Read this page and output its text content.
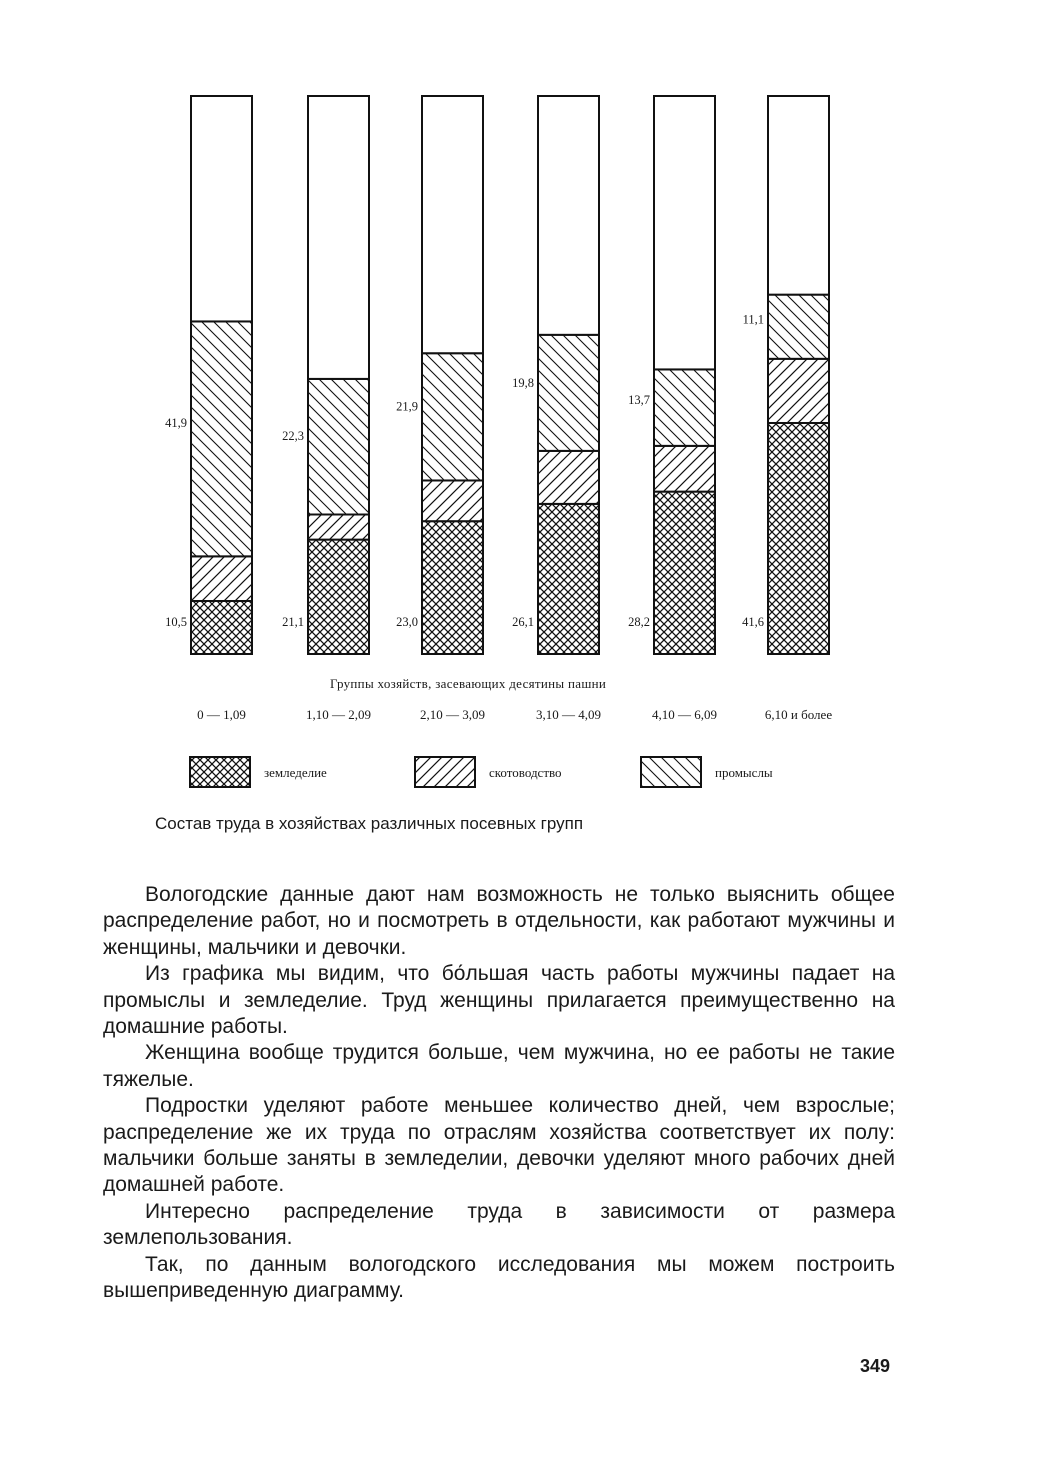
41,9
10,5
22,3
21,1
21,9
23,0
19,8
26,1
13,7
28,2
11,1
41,6
0 — 1,09	1,10 — 2,09	2,10 — 3,09	3,10 — 4,09	4,10 — 6,09	6,10 и более
земледелие	скотоводство	промыслы
Группы хозяйств, засевающих десятины пашни
Состав труда в хозяйствах различных посевных групп

Вологодские данные дают нам возможность не только выяснить общее распределение работ, но и посмотреть в отдельности, как работают мужчины и женщины, мальчики и девочки.

Из графика мы видим, что бо́льшая часть работы мужчины падает на промыслы и земледелие. Труд женщины прилагается преимущественно на домашние работы.

Женщина вообще трудится больше, чем мужчина, но ее работы не такие тяжелые.

Подростки уделяют работе меньшее количество дней, чем взрослые; распределение же их труда по отраслям хозяйства соответствует их полу: мальчики больше заняты в земледелии, девочки уделяют много рабочих дней домашней работе.

Интересно распределение труда в зависимости от размера землепользования.

Так, по данным вологодского исследования мы можем построить вышеприведенную диаграмму.

349
